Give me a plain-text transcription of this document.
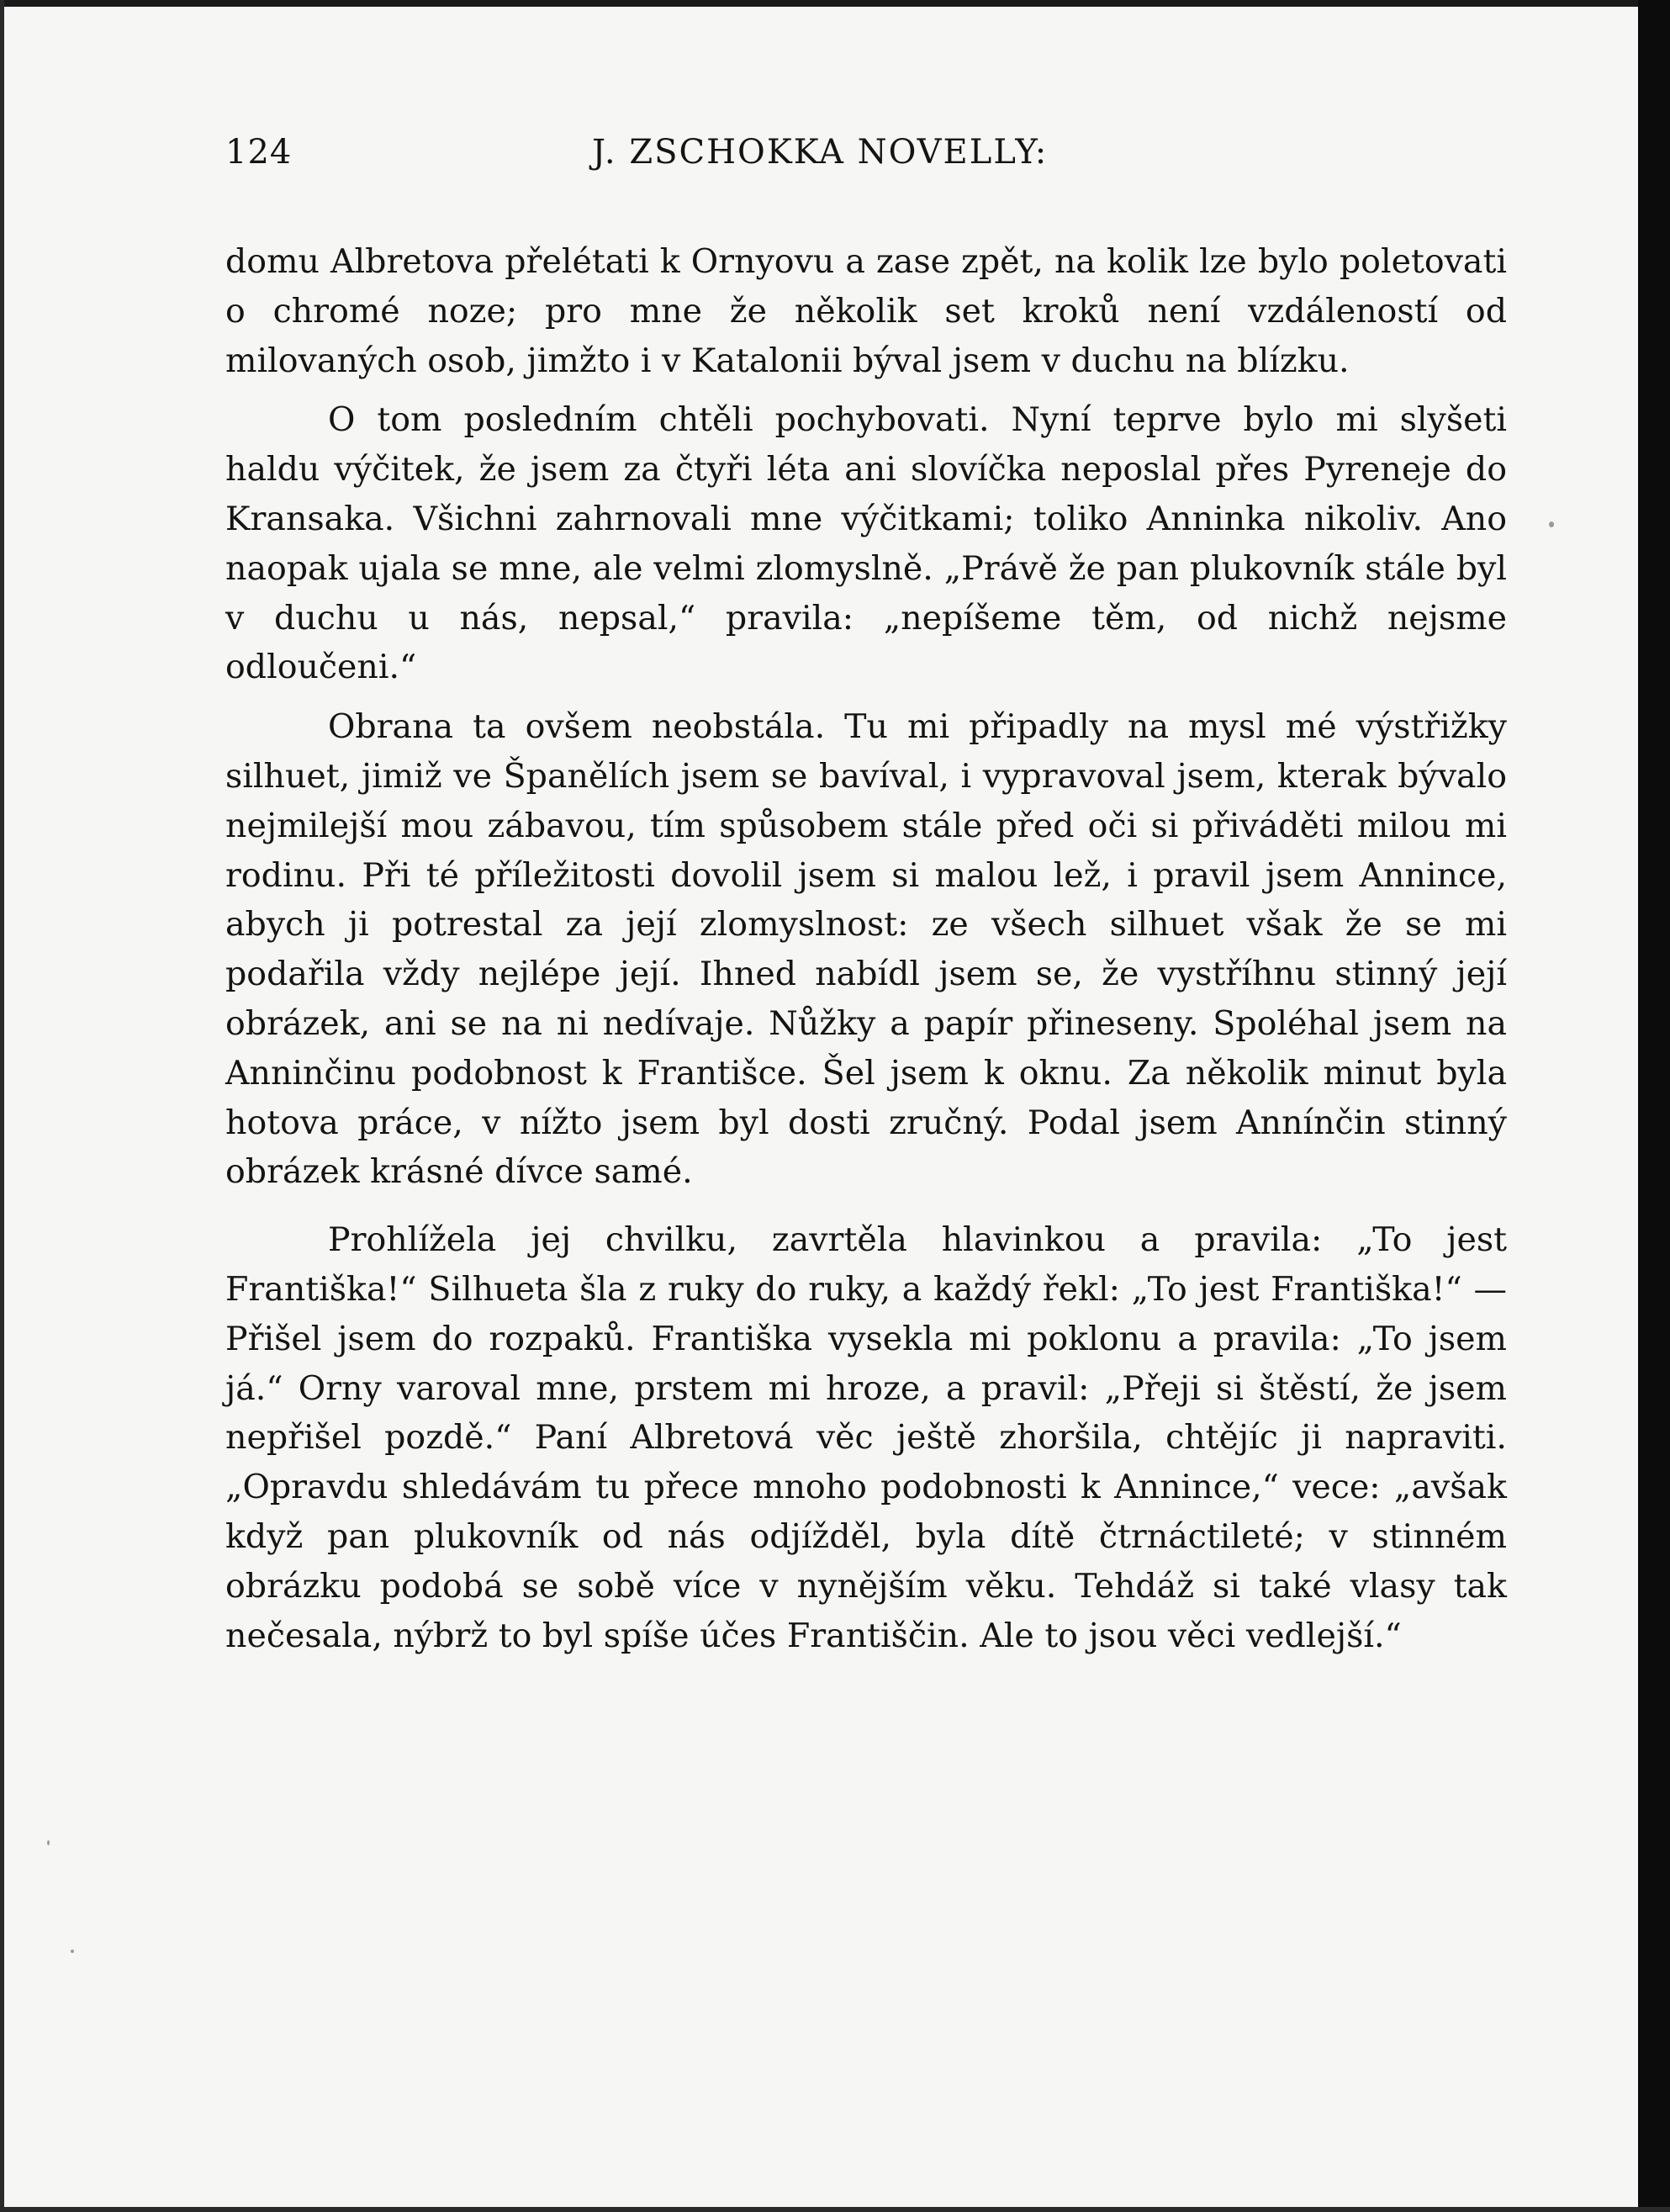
124	J. ZSCHOKKA NOVELLY:

domu Albretova přelétati k Ornyovu a zase zpět, na kolik lze bylo poletovati o chromé noze; pro mne že několik set kroků není vzdáleností od milovaných osob, jimžto i v Katalonii býval jsem v duchu na blízku.

O tom posledním chtěli pochybovati. Nyní teprve bylo mi slyšeti haldu výčitek, že jsem za čtyři léta ani slovíčka neposlal přes Pyreneje do Kransaka. Všichni zahrnovali mne výčitkami; toliko Anninka nikoliv. Ano naopak ujala se mne, ale velmi zlomyslně. „Právě že pan plukovník stále byl v duchu u nás, nepsal,“ pravila: „nepíšeme těm, od nichž nejsme odloučeni.“

Obrana ta ovšem neobstála. Tu mi připadly na mysl mé výstřižky silhuet, jimiž ve Španělích jsem se bavíval, i vypravoval jsem, kterak bývalo nejmilejší mou zábavou, tím spůsobem stále před oči si přiváděti milou mi rodinu. Při té příležitosti dovolil jsem si malou lež, i pravil jsem Annince, abych ji potrestal za její zlomyslnost: ze všech silhuet však že se mi podařila vždy nejlépe její. Ihned nabídl jsem se, že vystříhnu stinný její obrázek, ani se na ni nedívaje. Nůžky a papír přineseny. Spoléhal jsem na Anninčinu podobnost k Františce. Šel jsem k oknu. Za několik minut byla hotova práce, v nížto jsem byl dosti zručný. Podal jsem Annínčin stinný obrázek krásné dívce samé.

Prohlížela jej chvilku, zavrtěla hlavinkou a pravila: „To jest Františka!“ Silhueta šla z ruky do ruky, a každý řekl: „To jest Františka!“ — Přišel jsem do rozpaků. Františka vysekla mi poklonu a pravila: „To jsem já.“ Orny varoval mne, prstem mi hroze, a pravil: „Přeji si štěstí, že jsem nepřišel pozdě.“ Paní Albretová věc ještě zhoršila, chtějíc ji napraviti. „Opravdu shledávám tu přece mnoho podobnosti k Annince,“ vece: „avšak když pan plukovník od nás odjížděl, byla dítě čtrnáctileté; v stinném obrázku podobá se sobě více v nynějším věku. Tehdáž si také vlasy tak nečesala, nýbrž to byl spíše účes Františčin. Ale to jsou věci vedlejší.“
